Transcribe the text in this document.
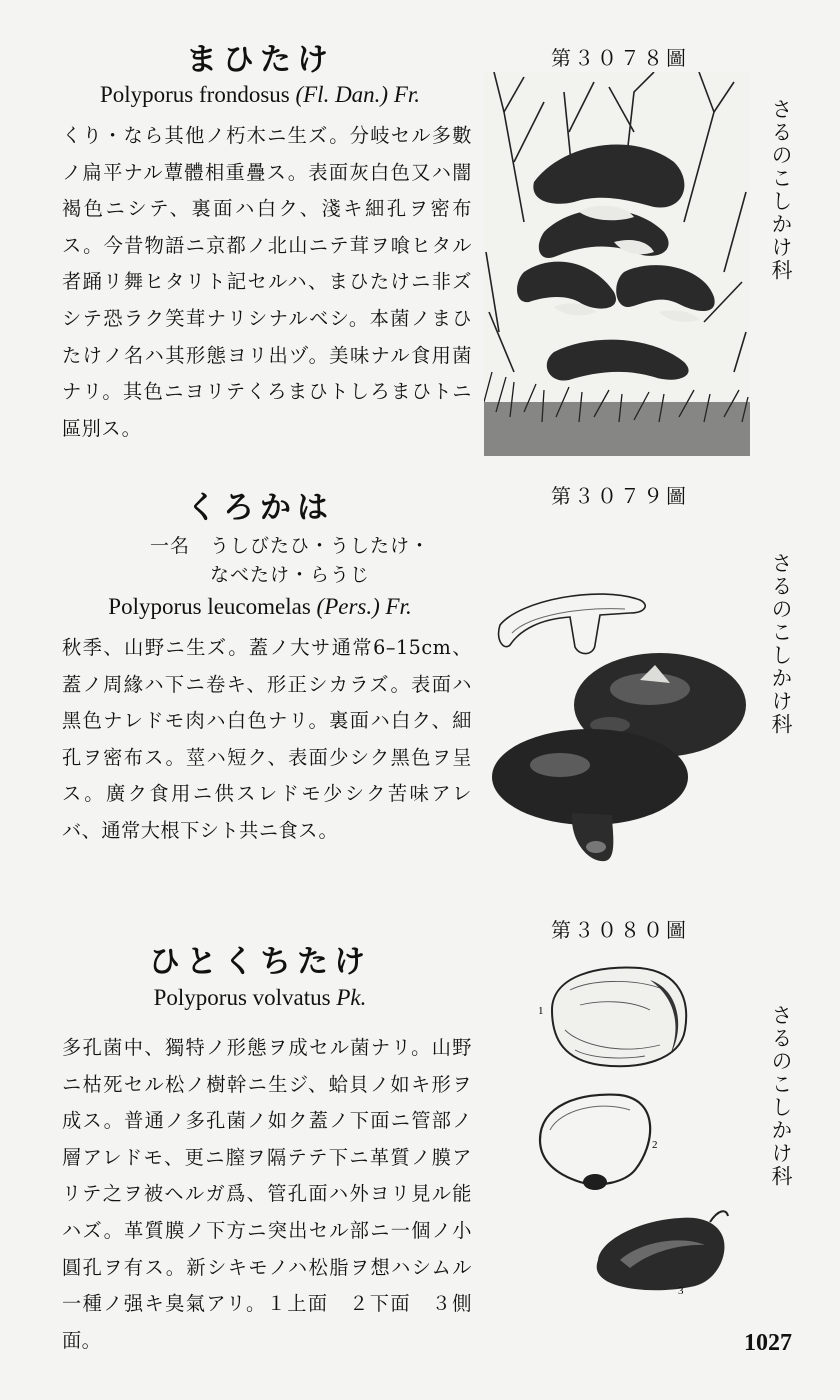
まひたけ
Polyporus frondosus (Fl. Dan.) Fr.
くり・なら其他ノ朽木ニ生ズ。分岐セル多數ノ扁平ナル蕈體相重疊ス。表面灰白色又ハ闇褐色ニシテ、裏面ハ白ク、淺キ細孔ヲ密布ス。今昔物語ニ京都ノ北山ニテ茸ヲ喰ヒタル者踊リ舞ヒタリト記セルハ、まひたけニ非ズシテ恐ラク笑茸ナリシナルベシ。本菌ノまひたけノ名ハ其形態ヨリ出ヅ。美味ナル食用菌ナリ。其色ニヨリテくろまひトしろまひトニ區別ス。
第３０７８圖
さるのこしかけ科
くろかは
一名　うしびたひ・うしたけ・
なべたけ・らうじ
Polyporus leucomelas (Pers.) Fr.
秋季、山野ニ生ズ。蓋ノ大サ通常6–15cm、蓋ノ周緣ハ下ニ卷キ、形正シカラズ。表面ハ黑色ナレドモ肉ハ白色ナリ。裏面ハ白ク、細孔ヲ密布ス。莖ハ短ク、表面少シク黑色ヲ呈ス。廣ク食用ニ供スレドモ少シク苦味アレバ、通常大根下シト共ニ食ス。
第３０７９圖
さるのこしかけ科
ひとくちたけ
Polyporus volvatus Pk.
多孔菌中、獨特ノ形態ヲ成セル菌ナリ。山野ニ枯死セル松ノ樹幹ニ生ジ、蛤貝ノ如キ形ヲ成ス。普通ノ多孔菌ノ如ク蓋ノ下面ニ管部ノ層アレドモ、更ニ膣ヲ隔テテ下ニ革質ノ膜アリテ之ヲ被ヘルガ爲、管孔面ハ外ヨリ見ル能ハズ。革質膜ノ下方ニ突出セル部ニ一個ノ小圓孔ヲ有ス。新シキモノハ松脂ヲ想ハシムル一種ノ强キ臭氣アリ。１上面　２下面　３側面。
第３０８０圖
さるのこしかけ科
1
2
3
1027
